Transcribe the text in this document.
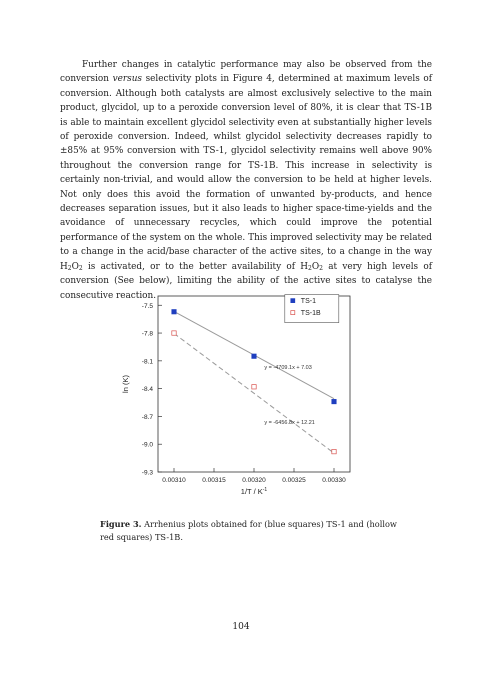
Further changes in catalytic performance may also be observed from the conversion versus selectivity plots in Figure 4, determined at maximum levels of conversion. Although both catalysts are almost exclusively selective to the main product, glycidol, up to a peroxide conversion level of 80%, it is clear that TS-1B is able to maintain excellent glycidol selectivity even at substantially higher levels of peroxide conversion. Indeed, whilst glycidol selectivity decreases rapidly to ±85% at 95% conversion with TS-1, glycidol selectivity remains well above 90% throughout the conversion range for TS-1B. This increase in selectivity is certainly non-trivial, and would allow the conversion to be held at higher levels. Not only does this avoid the formation of unwanted by-products, and hence decreases separation issues, but it also leads to higher space-time-yields and the avoidance of unnecessary recycles, which could improve the potential performance of the system on the whole. This improved selectivity may be related to a change in the acid/base character of the active sites, to a change in the way $H_2O_2$ is activated, or to the better availability of $H_2O_2$ at very high levels of conversion (See below), limiting the ability of the active sites to catalyse the consecutive reaction.

-7.5
-7.8
-8.1
-8.4
-8.7
-9.0
-9.3
0.00310	0.00315	0.00320	0.00325	0.00330
$1/T / K^{-1}$
ln (K)
y = -4709.1x + 7.03
y = -6456.8x + 12.21
TS-1
TS-1B

Figure 3. Arrhenius plots obtained for (blue squares) TS-1 and (hollow red squares) TS-1B.

104
